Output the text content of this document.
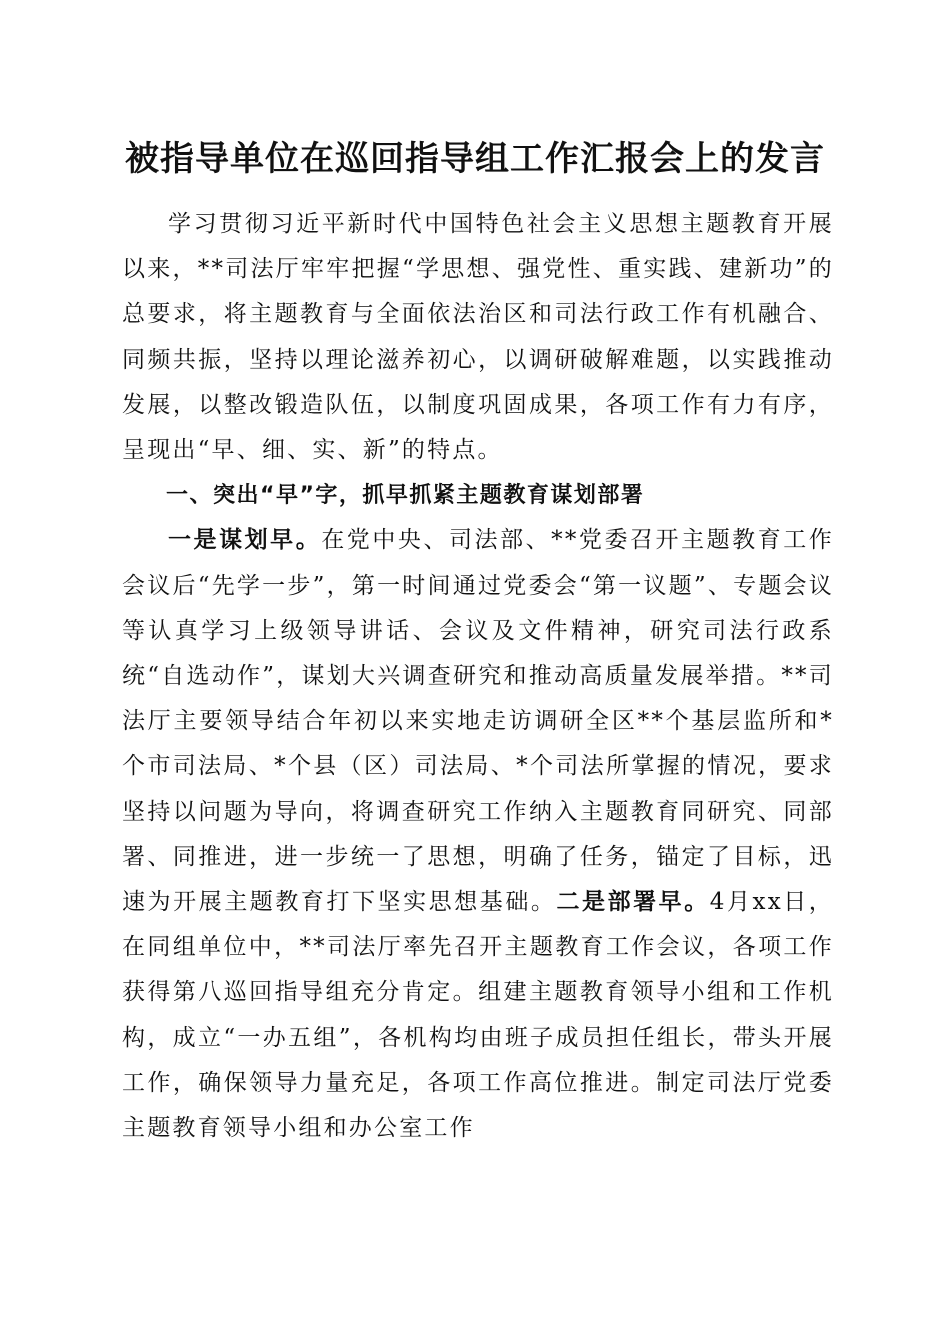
被指导单位在巡回指导组工作汇报会上的发言

学习贯彻习近平新时代中国特色社会主义思想主题教育开展以来，**司法厅牢牢把握“学思想、强党性、重实践、建新功”的总要求，将主题教育与全面依法治区和司法行政工作有机融合、同频共振，坚持以理论滋养初心，以调研破解难题，以实践推动发展，以整改锻造队伍，以制度巩固成果，各项工作有力有序，呈现出“早、细、实、新”的特点。

一、突出“早”字，抓早抓紧主题教育谋划部署

一是谋划早。在党中央、司法部、**党委召开主题教育工作会议后“先学一步”，第一时间通过党委会“第一议题”、专题会议等认真学习上级领导讲话、会议及文件精神，研究司法行政系统“自选动作”，谋划大兴调查研究和推动高质量发展举措。**司法厅主要领导结合年初以来实地走访调研全区**个基层监所和*个市司法局、*个县（区）司法局、*个司法所掌握的情况，要求坚持以问题为导向，将调查研究工作纳入主题教育同研究、同部署、同推进，进一步统一了思想，明确了任务，锚定了目标，迅速为开展主题教育打下坚实思想基础。二是部署早。4月xx日，在同组单位中，**司法厅率先召开主题教育工作会议，各项工作获得第八巡回指导组充分肯定。组建主题教育领导小组和工作机构，成立“一办五组”，各机构均由班子成员担任组长，带头开展工作，确保领导力量充足，各项工作高位推进。制定司法厅党委主题教育领导小组和办公室工作
